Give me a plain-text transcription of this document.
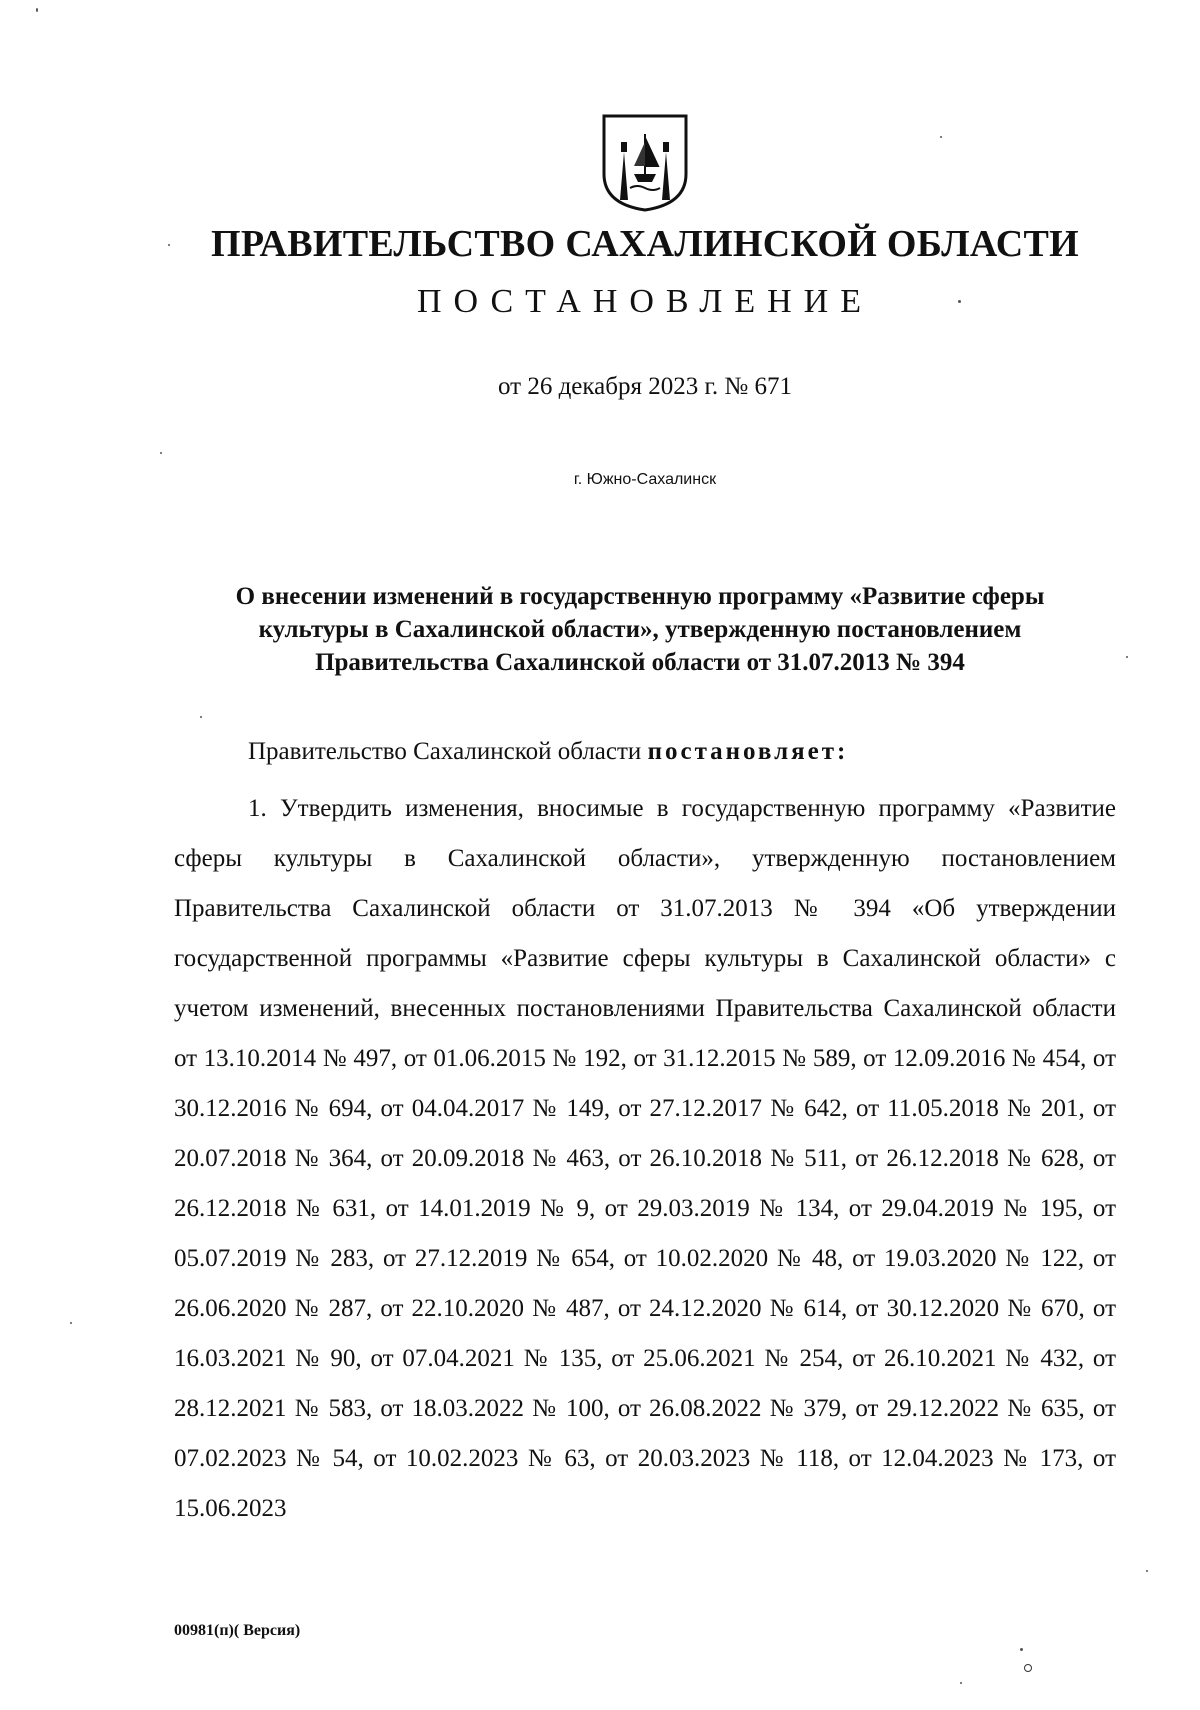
ПРАВИТЕЛЬСТВО САХАЛИНСКОЙ ОБЛАСТИ
ПОСТАНОВЛЕНИЕ
от 26 декабря 2023 г. № 671
г. Южно-Сахалинск
О внесении изменений в государственную программу «Развитие сферы
культуры в Сахалинской области», утвержденную постановлением
Правительства Сахалинской области от 31.07.2013 № 394
Правительство Сахалинской области постановляет:

1. Утвердить изменения, вносимые в государственную программу «Развитие сферы культуры в Сахалинской области», утвержденную постановлением Правительства Сахалинской области от 31.07.2013 № 394 «Об утверждении государственной программы «Развитие сферы культуры в Сахалинской области» с учетом изменений, внесенных постановлениями Правительства Сахалинской области от 13.10.2014 № 497, от 01.06.2015 № 192, от 31.12.2015 № 589, от 12.09.2016 № 454, от 30.12.2016 № 694, от 04.04.2017 № 149, от 27.12.2017 № 642, от 11.05.2018 № 201, от 20.07.2018 № 364, от 20.09.2018 № 463, от 26.10.2018 № 511, от 26.12.2018 № 628, от 26.12.2018 № 631, от 14.01.2019 № 9, от 29.03.2019 № 134, от 29.04.2019 № 195, от 05.07.2019 № 283, от 27.12.2019 № 654, от 10.02.2020 № 48, от 19.03.2020 № 122, от 26.06.2020 № 287, от 22.10.2020 № 487, от 24.12.2020 № 614, от 30.12.2020 № 670, от 16.03.2021 № 90, от 07.04.2021 № 135, от 25.06.2021 № 254, от 26.10.2021 № 432, от 28.12.2021 № 583, от 18.03.2022 № 100, от 26.08.2022 № 379, от 29.12.2022 № 635, от 07.02.2023 № 54, от 10.02.2023 № 63, от 20.03.2023 № 118, от 12.04.2023 № 173, от 15.06.2023

00981(п)( Версия)
